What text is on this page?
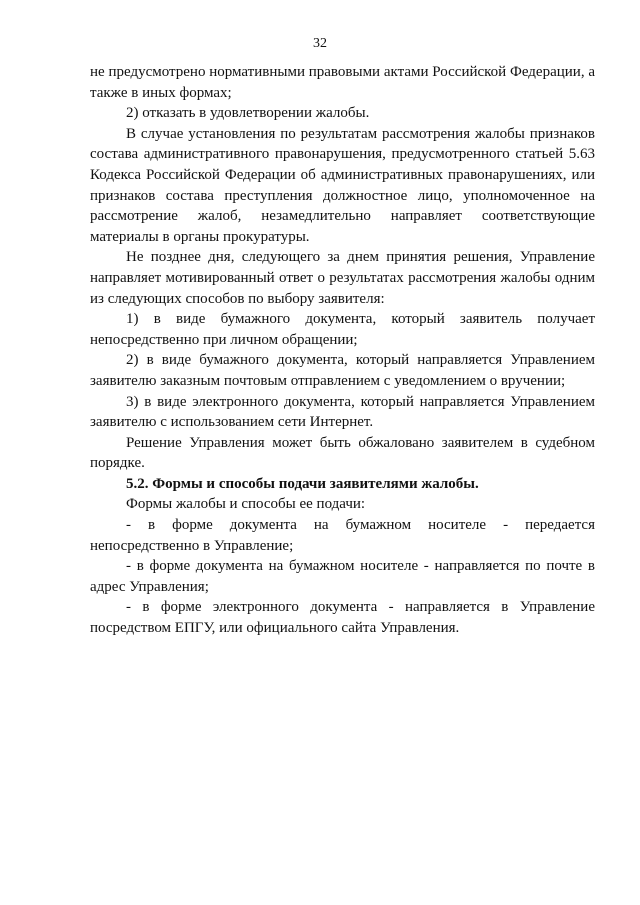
32

не предусмотрено нормативными правовыми актами Российской Федерации, а также в иных формах;

2) отказать в удовлетворении жалобы.

В случае установления по результатам рассмотрения жалобы признаков состава административного правонарушения, предусмотренного статьей 5.63 Кодекса Российской Федерации об административных правонарушениях, или признаков состава преступления должностное лицо, уполномоченное на рассмотрение жалоб, незамедлительно направляет соответствующие материалы в органы прокуратуры.

Не позднее дня, следующего за днем принятия решения, Управление направляет мотивированный ответ о результатах рассмотрения жалобы одним из следующих способов по выбору заявителя:

1) в виде бумажного документа, который заявитель получает непосредственно при личном обращении;

2) в виде бумажного документа, который направляется Управлением заявителю заказным почтовым отправлением с уведомлением о вручении;

3) в виде электронного документа, который направляется Управлением заявителю с использованием сети Интернет.

Решение Управления может быть обжаловано заявителем в судебном порядке.

5.2. Формы и способы подачи заявителями жалобы.

Формы жалобы и способы ее подачи:

- в форме документа на бумажном носителе - передается непосредственно в Управление;

- в форме документа на бумажном носителе - направляется по почте в адрес Управления;

- в форме электронного документа - направляется в Управление посредством ЕПГУ, или официального сайта Управления.
